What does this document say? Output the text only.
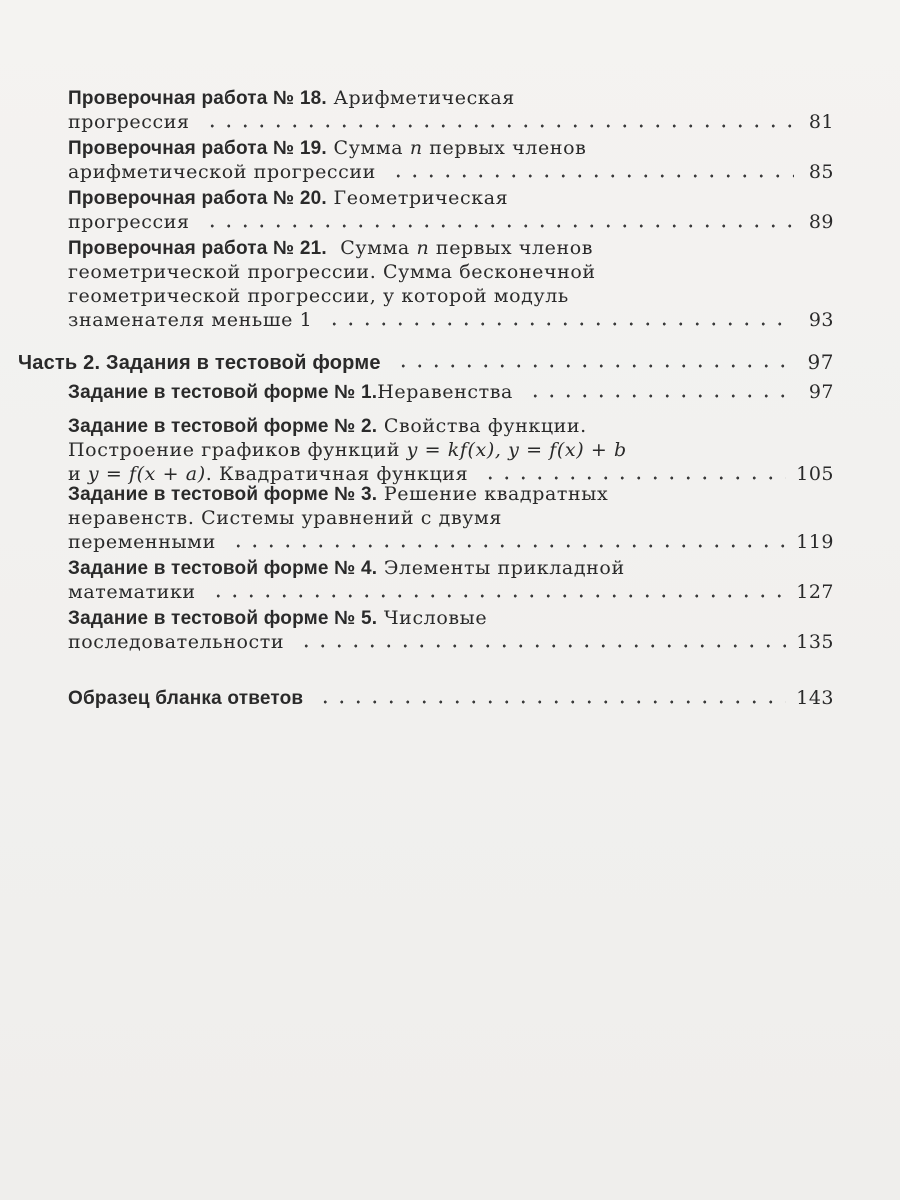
Проверочная работа № 18. Арифметическая
прогрессия	81
Проверочная работа № 19. Сумма n первых членов
арифметической прогрессии	85
Проверочная работа № 20. Геометрическая
прогрессия	89
Проверочная работа № 21.  Сумма n первых членов
геометрической прогрессии. Сумма бесконечной
геометрической прогрессии, у которой модуль
знаменателя меньше 1	93
Часть 2. Задания в тестовой форме	97
Задание в тестовой форме № 1. Неравенства	97
Задание в тестовой форме № 2. Свойства функции.
Построение графиков функций y = kf(x), y = f(x) + b
и y = f(x + a) . Квадратичная функция	105
Задание в тестовой форме № 3. Решение квадратных
неравенств. Системы уравнений с двумя
переменными	119
Задание в тестовой форме № 4. Элементы прикладной
математики	127
Задание в тестовой форме № 5. Числовые
последовательности	135
Образец бланка ответов	143
